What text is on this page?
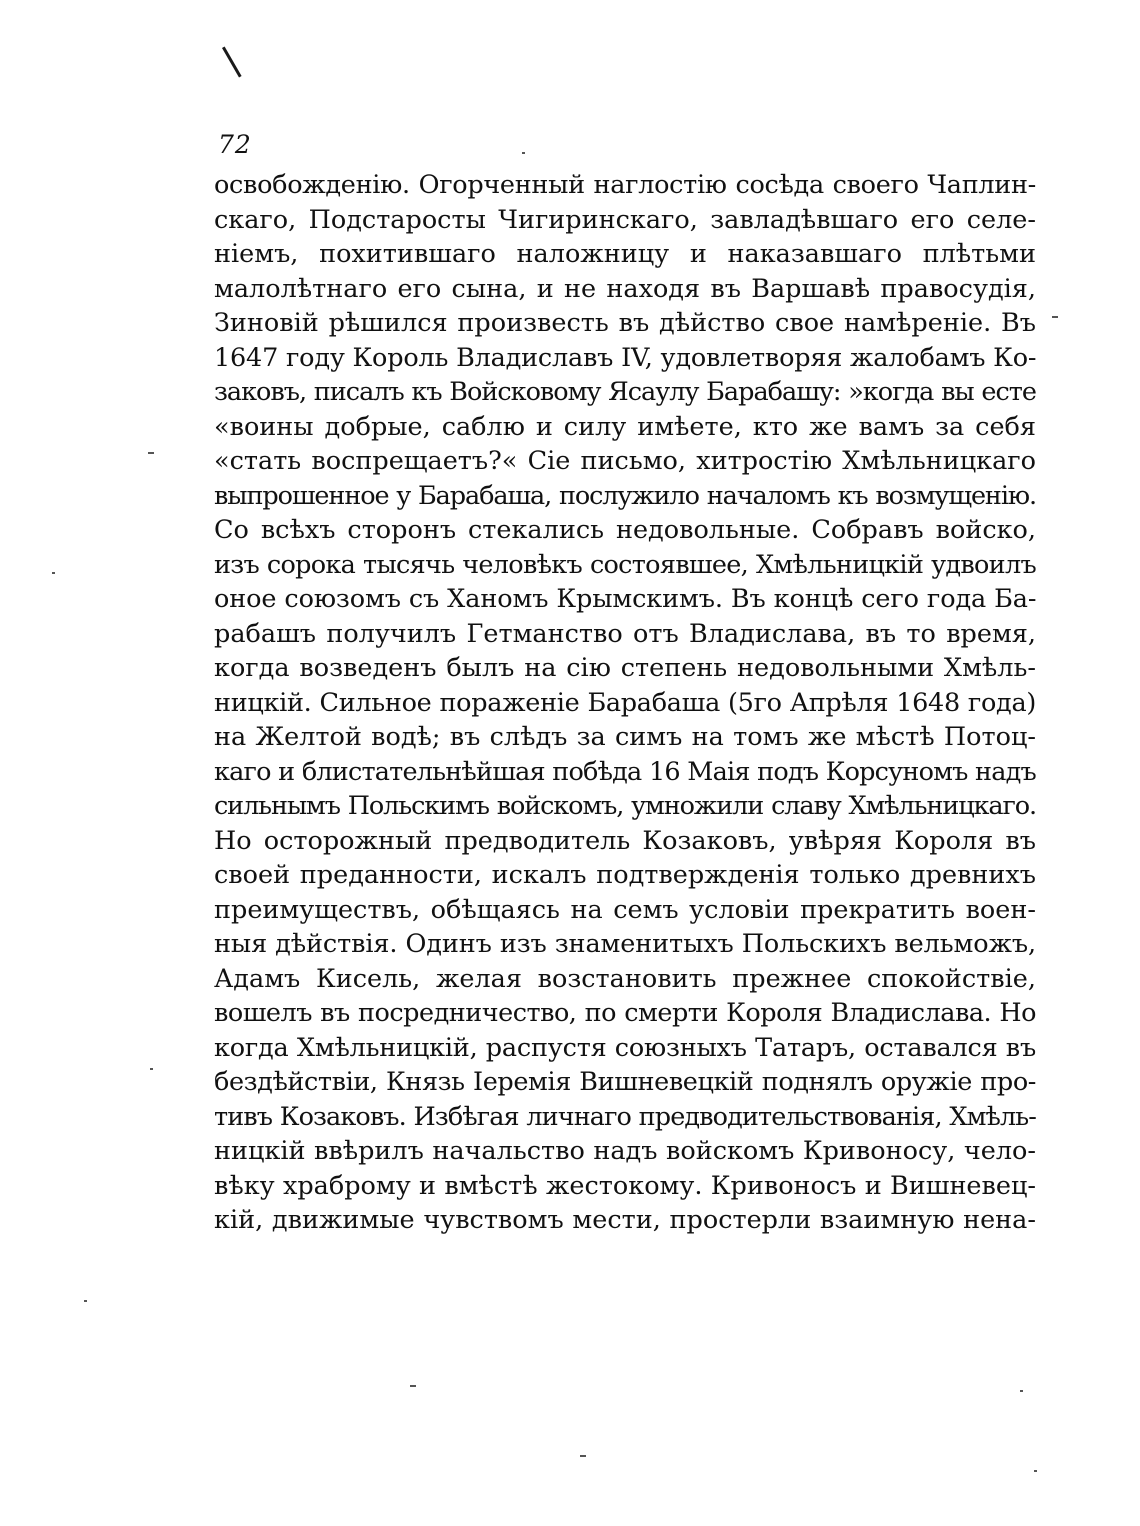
72
освобожденію. Огорченный наглостію сосѣда своего Чаплин-
скаго, Подстаросты Чигиринскаго, завладѣвшаго его селе-
ніемъ, похитившаго наложницу и наказавшаго плѣтьми
малолѣтнаго его сына, и не находя въ Варшавѣ правосудія,
Зиновій рѣшился произвесть въ дѣйство свое намѣреніе. Въ
1647 году Король Владиславъ IV, удовлетворяя жалобамъ Ко-
заковъ, писалъ къ Войсковому Ясаулу Барабашу: »когда вы есте
«воины добрые, саблю и силу имѣете, кто же вамъ за себя
«стать воспрещаетъ?« Сіе письмо, хитростію Хмѣльницкаго
выпрошенное у Барабаша, послужило началомъ къ возмущенію.
Со всѣхъ сторонъ стекались недовольные. Собравъ войско,
изъ сорока тысячь человѣкъ состоявшее, Хмѣльницкій удвоилъ
оное союзомъ съ Ханомъ Крымскимъ. Въ концѣ сего года Ба-
рабашъ получилъ Гетманство отъ Владислава, въ то время,
когда возведенъ былъ на сію степень недовольными Хмѣль-
ницкій. Сильное пораженіе Барабаша (5го Апрѣля 1648 года)
на Желтой водѣ; въ слѣдъ за симъ на томъ же мѣстѣ Потоц-
каго и блистательнѣйшая побѣда 16 Маія подъ Корсуномъ надъ
сильнымъ Польскимъ войскомъ, умножили славу Хмѣльницкаго.
Но осторожный предводитель Козаковъ, увѣряя Короля въ
своей преданности, искалъ подтвержденія только древнихъ
преимуществъ, обѣщаясь на семъ условіи прекратить воен-
ныя дѣйствія. Одинъ изъ знаменитыхъ Польскихъ вельможъ,
Адамъ Кисель, желая возстановить прежнее спокойствіе,
вошелъ въ посредничество, по смерти Короля Владислава. Но
когда Хмѣльницкій, распустя союзныхъ Татаръ, оставался въ
бездѣйствіи, Князь Іеремія Вишневецкій поднялъ оружіе про-
тивъ Козаковъ. Избѣгая личнаго предводительствованія, Хмѣль-
ницкій ввѣрилъ начальство надъ войскомъ Кривоносу, чело-
вѣку храброму и вмѣстѣ жестокому. Кривоносъ и Вишневец-
кій, движимые чувствомъ мести, простерли взаимную нена-
